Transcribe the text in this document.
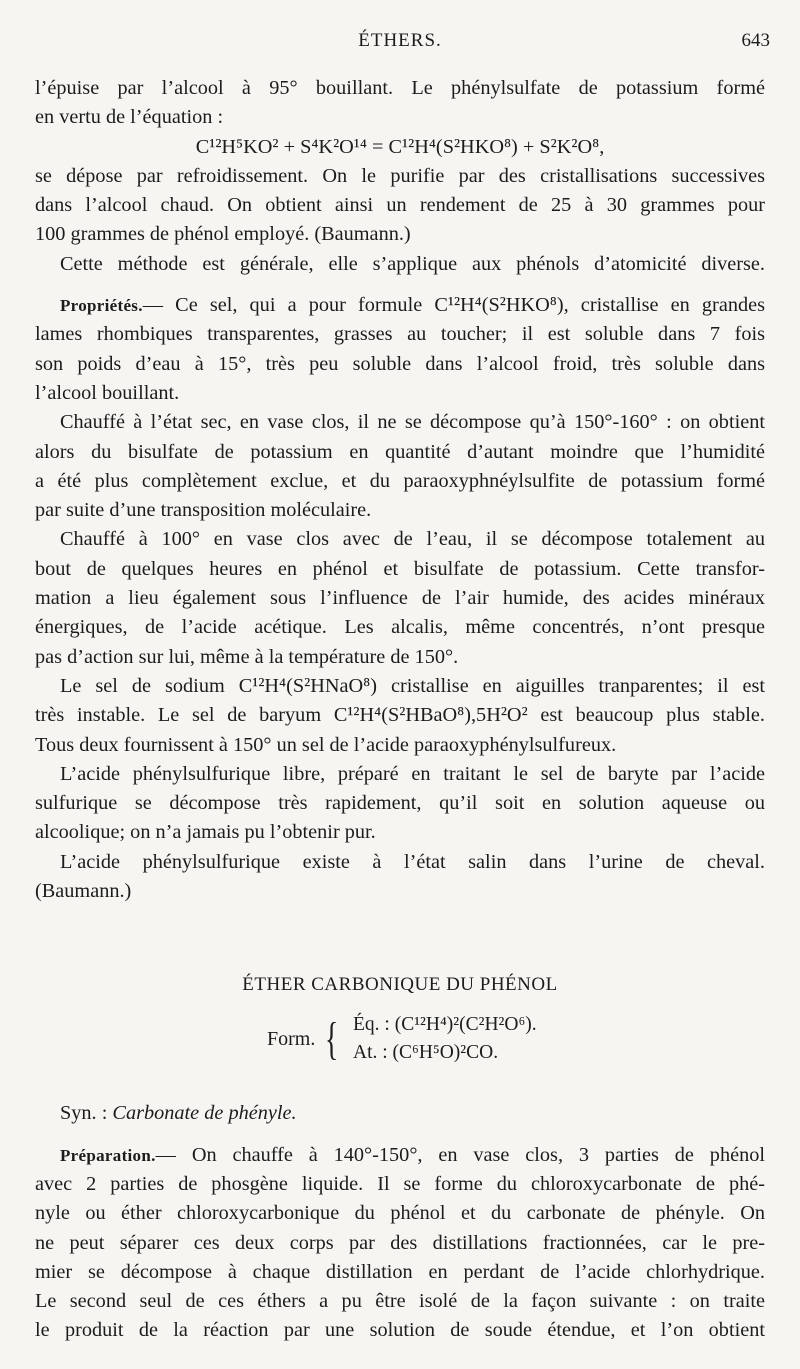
ÉTHERS.	643
l’épuise par l’alcool à 95° bouillant. Le phénylsulfate de potassium formé
en vertu de l’équation :
C¹²H⁵KO² + S⁴K²O¹⁴ = C¹²H⁴(S²HKO⁸) + S²K²O⁸,
se dépose par refroidissement. On le purifie par des cristallisations successives
dans l’alcool chaud. On obtient ainsi un rendement de 25 à 30 grammes pour
100 grammes de phénol employé. (Baumann.)
Cette méthode est générale, elle s’applique aux phénols d’atomicité diverse.
Propriétés.— Ce sel, qui a pour formule C¹²H⁴(S²HKO⁸), cristallise en grandes
lames rhombiques transparentes, grasses au toucher; il est soluble dans 7 fois
son poids d’eau à 15°, très peu soluble dans l’alcool froid, très soluble dans
l’alcool bouillant.
Chauffé à l’état sec, en vase clos, il ne se décompose qu’à 150°-160° : on obtient
alors du bisulfate de potassium en quantité d’autant moindre que l’humidité
a été plus complètement exclue, et du paraoxyphnéylsulfite de potassium formé
par suite d’une transposition moléculaire.
Chauffé à 100° en vase clos avec de l’eau, il se décompose totalement au
bout de quelques heures en phénol et bisulfate de potassium. Cette transfor-
mation a lieu également sous l’influence de l’air humide, des acides minéraux
énergiques, de l’acide acétique. Les alcalis, même concentrés, n’ont presque
pas d’action sur lui, même à la température de 150°.
Le sel de sodium C¹²H⁴(S²HNaO⁸) cristallise en aiguilles tranparentes; il est
très instable. Le sel de baryum C¹²H⁴(S²HBaO⁸),5H²O² est beaucoup plus stable.
Tous deux fournissent à 150° un sel de l’acide paraoxyphénylsulfureux.
L’acide phénylsulfurique libre, préparé en traitant le sel de baryte par l’acide
sulfurique se décompose très rapidement, qu’il soit en solution aqueuse ou
alcoolique; on n’a jamais pu l’obtenir pur.
L’acide phénylsulfurique existe à l’état salin dans l’urine de cheval.
(Baumann.)
ÉTHER CARBONIQUE DU PHÉNOL
Form. { Éq. : (C¹²H⁴)²(C²H²O⁶).
At. : (C⁶H⁵O)²CO.
Syn. : Carbonate de phényle.
Préparation.— On chauffe à 140°-150°, en vase clos, 3 parties de phénol
avec 2 parties de phosgène liquide. Il se forme du chloroxycarbonate de phé-
nyle ou éther chloroxycarbonique du phénol et du carbonate de phényle. On
ne peut séparer ces deux corps par des distillations fractionnées, car le pre-
mier se décompose à chaque distillation en perdant de l’acide chlorhydrique.
Le second seul de ces éthers a pu être isolé de la façon suivante : on traite
le produit de la réaction par une solution de soude étendue, et l’on obtient
